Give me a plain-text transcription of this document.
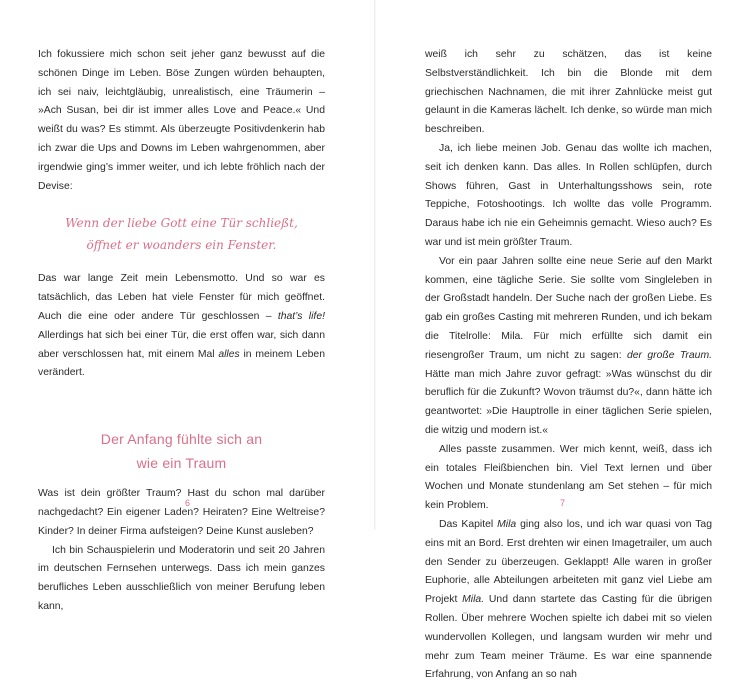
Ich fokussiere mich schon seit jeher ganz bewusst auf die schönen Dinge im Leben. Böse Zungen würden behaupten, ich sei naiv, leichtgläubig, unrealistisch, eine Träumerin – »Ach Susan, bei dir ist immer alles Love and Peace.« Und weißt du was? Es stimmt. Als überzeugte Positivdenkerin hab ich zwar die Ups and Downs im Leben wahrgenommen, aber irgendwie ging’s immer weiter, und ich lebte fröhlich nach der Devise:

Wenn der liebe Gott eine Tür schließt,
öffnet er woanders ein Fenster.

Das war lange Zeit mein Lebensmotto. Und so war es tatsächlich, das Leben hat viele Fenster für mich geöffnet. Auch die eine oder andere Tür geschlossen – that’s life! Allerdings hat sich bei einer Tür, die erst offen war, sich dann aber verschlossen hat, mit einem Mal alles in meinem Leben verändert.

Der Anfang fühlte sich an
wie ein Traum

Was ist dein größter Traum? Hast du schon mal darüber nachgedacht? Ein eigener Laden? Heiraten? Eine Weltreise? Kinder? In deiner Firma aufsteigen? Deine Kunst ausleben?

Ich bin Schauspielerin und Moderatorin und seit 20 Jahren im deutschen Fernsehen unterwegs. Dass ich mein ganzes berufliches Leben ausschließlich von meiner Berufung leben kann,

6

weiß ich sehr zu schätzen, das ist keine Selbstverständlichkeit. Ich bin die Blonde mit dem griechischen Nachnamen, die mit ihrer Zahnlücke meist gut gelaunt in die Kameras lächelt. Ich denke, so würde man mich beschreiben.

Ja, ich liebe meinen Job. Genau das wollte ich machen, seit ich denken kann. Das alles. In Rollen schlüpfen, durch Shows führen, Gast in Unterhaltungsshows sein, rote Teppiche, Fotoshootings. Ich wollte das volle Programm. Daraus habe ich nie ein Geheimnis gemacht. Wieso auch? Es war und ist mein größter Traum.

Vor ein paar Jahren sollte eine neue Serie auf den Markt kommen, eine tägliche Serie. Sie sollte vom Singleleben in der Großstadt handeln. Der Suche nach der großen Liebe. Es gab ein großes Casting mit mehreren Runden, und ich bekam die Titelrolle: Mila. Für mich erfüllte sich damit ein riesengroßer Traum, um nicht zu sagen: der große Traum. Hätte man mich Jahre zuvor gefragt: »Was wünschst du dir beruflich für die Zukunft? Wovon träumst du?«, dann hätte ich geantwortet: »Die Hauptrolle in einer täglichen Serie spielen, die witzig und modern ist.«

Alles passte zusammen. Wer mich kennt, weiß, dass ich ein totales Fleißbienchen bin. Viel Text lernen und über Wochen und Monate stundenlang am Set stehen – für mich kein Problem.

Das Kapitel Mila ging also los, und ich war quasi von Tag eins mit an Bord. Erst drehten wir einen Imagetrailer, um auch den Sender zu überzeugen. Geklappt! Alle waren in großer Euphorie, alle Abteilungen arbeiteten mit ganz viel Liebe am Projekt Mila. Und dann startete das Casting für die übrigen Rollen. Über mehrere Wochen spielte ich dabei mit so vielen wundervollen Kollegen, und langsam wurden wir mehr und mehr zum Team meiner Träume. Es war eine spannende Erfahrung, von Anfang an so nah

7
